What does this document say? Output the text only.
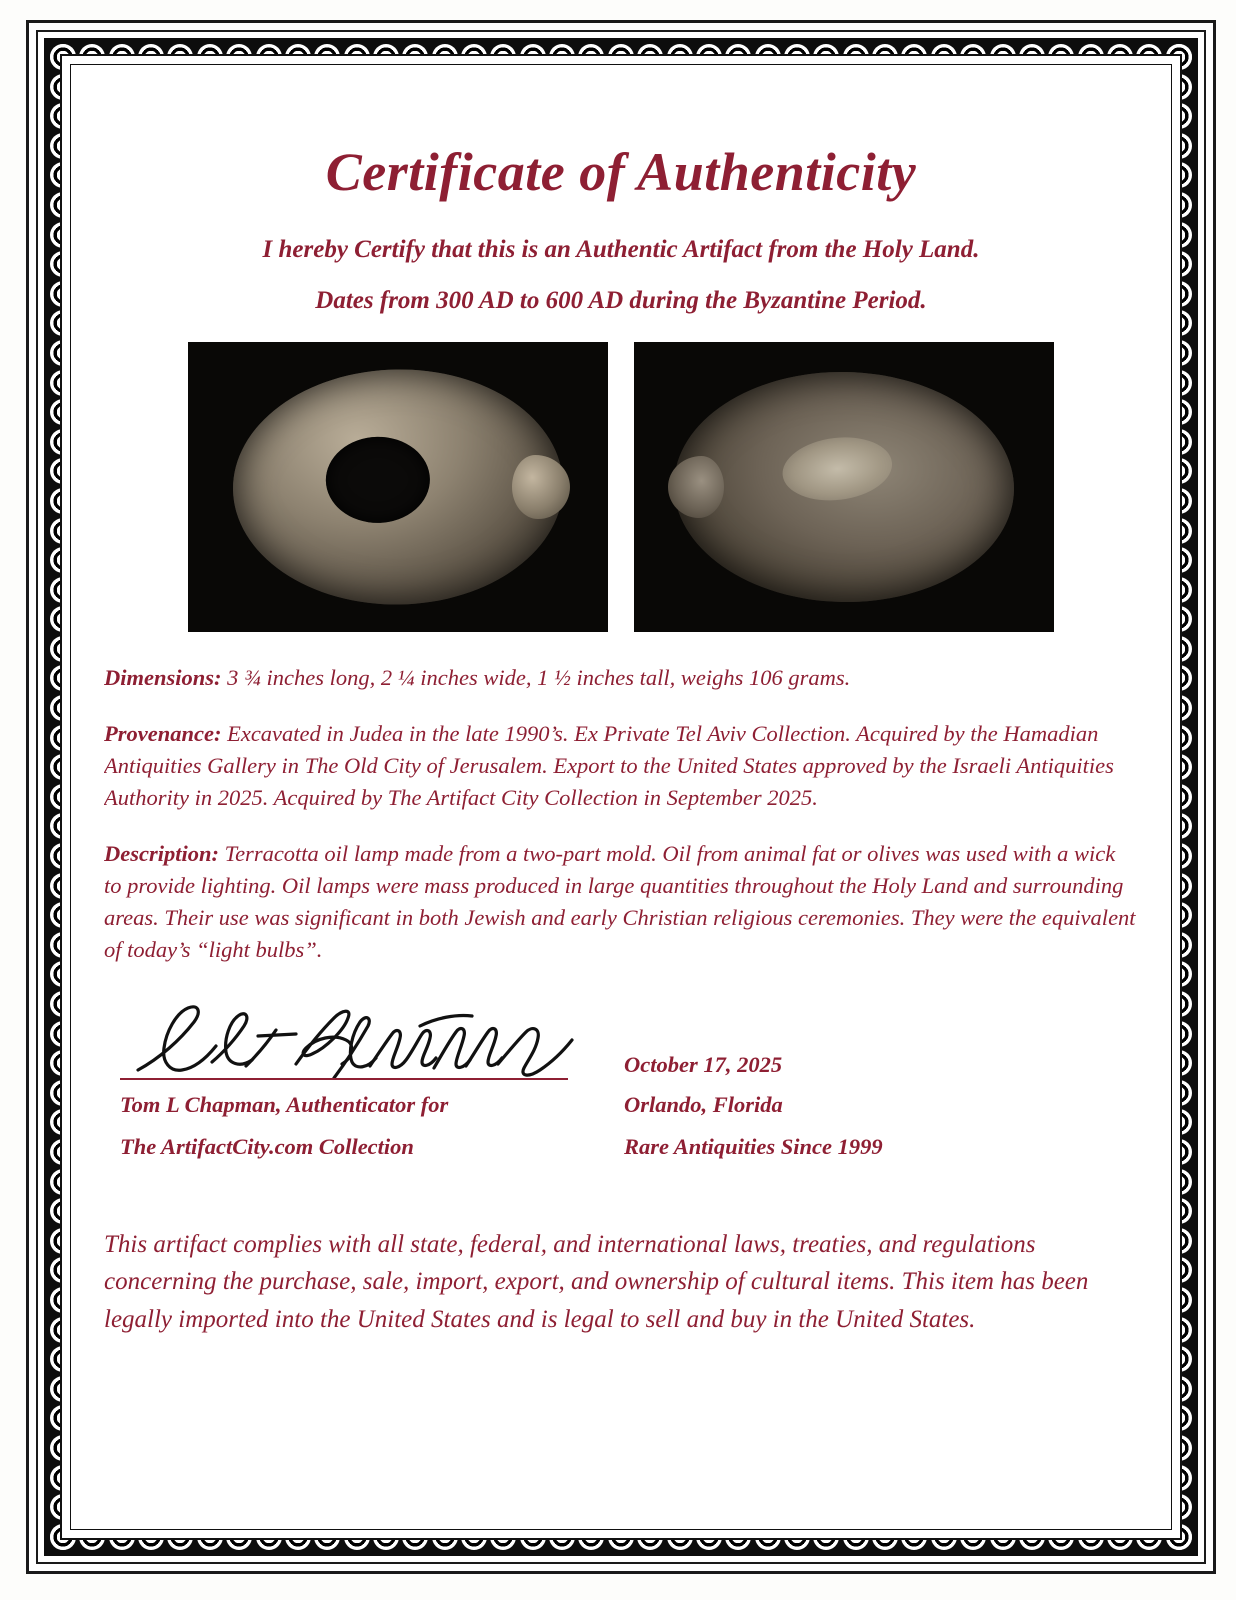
Certificate of Authenticity
I hereby Certify that this is an Authentic Artifact from the Holy Land.
Dates from 300 AD to 600 AD during the Byzantine Period.

Dimensions: 3 ¾ inches long, 2 ¼ inches wide, 1 ½ inches tall, weighs 106 grams.

Provenance: Excavated in Judea in the late 1990’s. Ex Private Tel Aviv Collection. Acquired by the Hamadian Antiquities Gallery in The Old City of Jerusalem. Export to the United States approved by the Israeli Antiquities Authority in 2025. Acquired by The Artifact City Collection in September 2025.

Description: Terracotta oil lamp made from a two-part mold. Oil from animal fat or olives was used with a wick to provide lighting. Oil lamps were mass produced in large quantities throughout the Holy Land and surrounding areas. Their use was significant in both Jewish and early Christian religious ceremonies. They were the equivalent of today’s “light bulbs”.

Tom L Chapman, Authenticator for
The ArtifactCity.com Collection
October 17, 2025
Orlando, Florida
Rare Antiquities Since 1999
This artifact complies with all state, federal, and international laws, treaties, and regulations concerning the purchase, sale, import, export, and ownership of cultural items. This item has been legally imported into the United States and is legal to sell and buy in the United States.
